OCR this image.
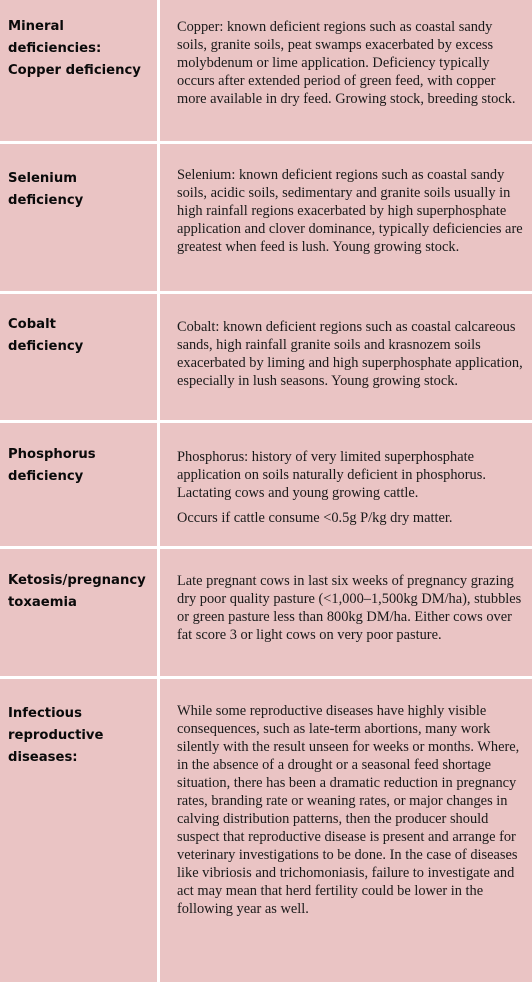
Mineral deficiencies: Copper deficiency

Copper: known deficient regions such as coastal sandy soils, granite soils, peat swamps exacerbated by excess molybdenum or lime application. Deficiency typically occurs after extended period of green feed, with copper more available in dry feed. Growing stock, breeding stock.

Selenium deficiency

Selenium: known deficient regions such as coastal sandy soils, acidic soils, sedimentary and granite soils usually in high rainfall regions exacerbated by high superphosphate application and clover dominance, typically deficiencies are greatest when feed is lush. Young growing stock.

Cobalt deficiency

Cobalt: known deficient regions such as coastal calcareous sands, high rainfall granite soils and krasnozem soils exacerbated by liming and high superphosphate application, especially in lush seasons. Young growing stock.

Phosphorus deficiency

Phosphorus: history of very limited superphosphate application on soils naturally deficient in phosphorus. Lactating cows and young growing cattle.

Occurs if cattle consume <0.5g P/kg dry matter.

Ketosis/pregnancy toxaemia

Late pregnant cows in last six weeks of pregnancy grazing dry poor quality pasture (<1,000–1,500kg DM/ha), stubbles or green pasture less than 800kg DM/ha. Either cows over fat score 3 or light cows on very poor pasture.

Infectious reproductive diseases:

While some reproductive diseases have highly visible consequences, such as late-term abortions, many work silently with the result unseen for weeks or months. Where, in the absence of a drought or a seasonal feed shortage situation, there has been a dramatic reduction in pregnancy rates, branding rate or weaning rates, or major changes in calving distribution patterns, then the producer should suspect that reproductive disease is present and arrange for veterinary investigations to be done. In the case of diseases like vibriosis and trichomoniasis, failure to investigate and act may mean that herd fertility could be lower in the following year as well.
